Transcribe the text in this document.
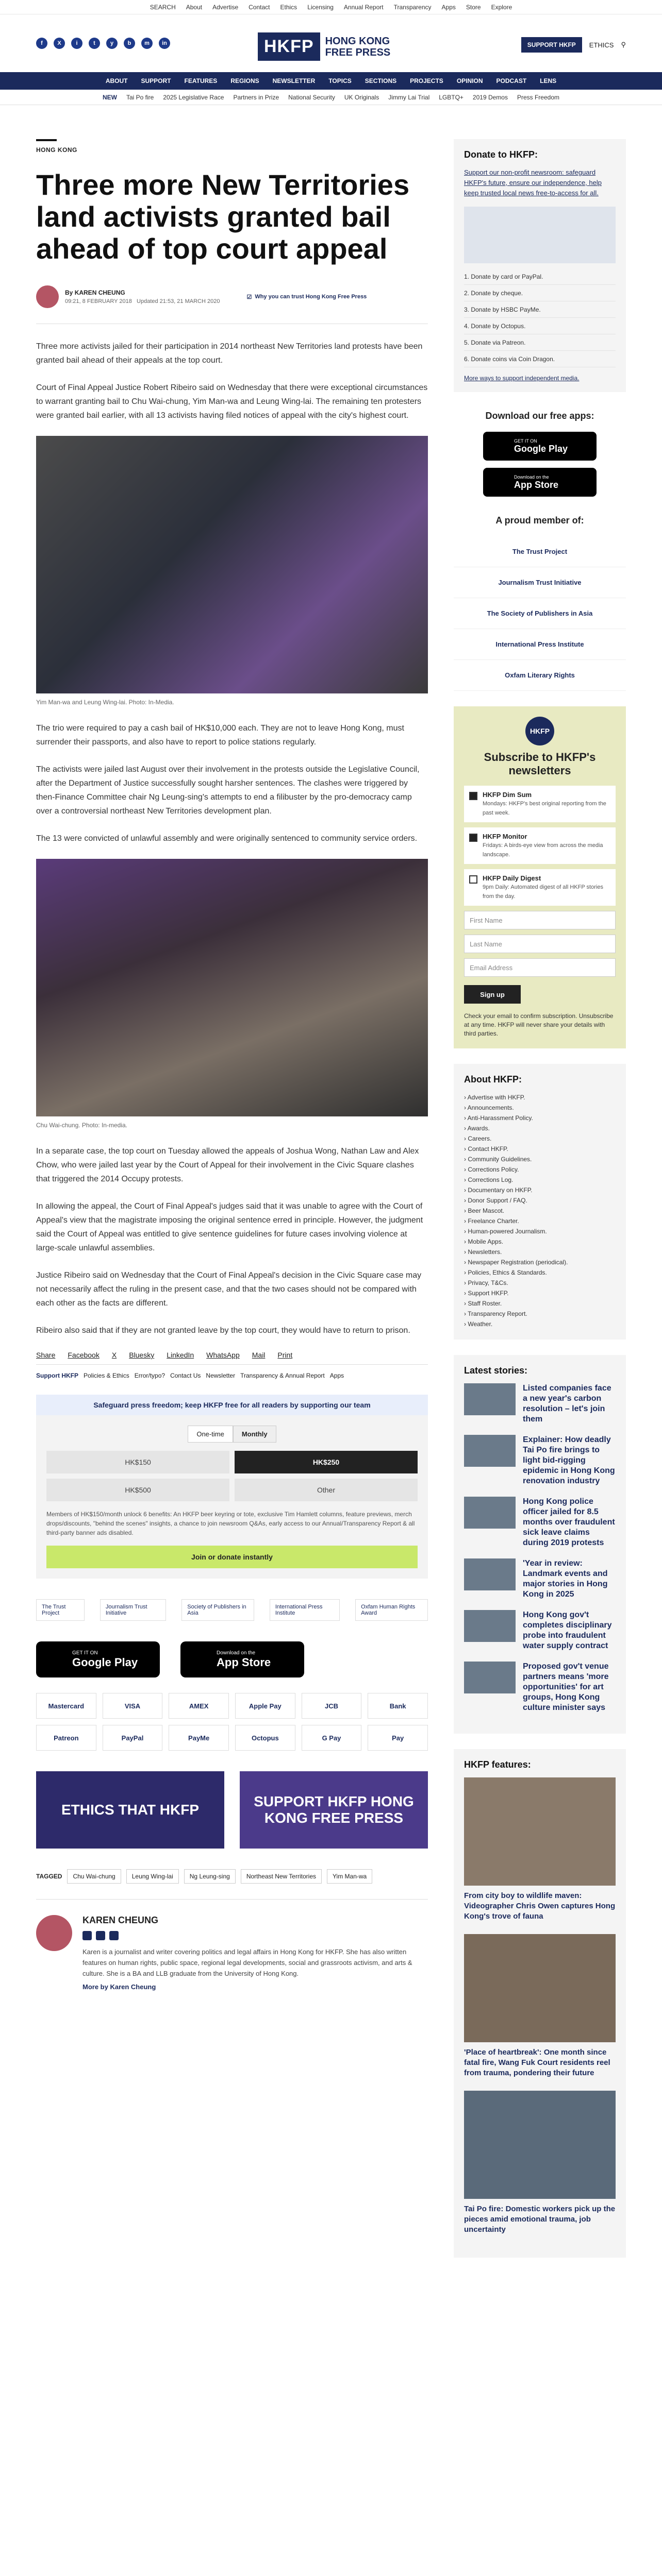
SEARCH About Advertise Contact Ethics Licensing Annual Report Transparency Apps Store Explore
f	X	i	t	y	b	m	in	HKFP	HONG KONG
FREE PRESS
SUPPORT HKFP	ETHICS ⚲
ABOUT SUPPORT FEATURES REGIONS NEWSLETTER TOPICS SECTIONS PROJECTS OPINION PODCAST LENS
NEW Tai Po fire 2025 Legislative Race Partners in Prize National Security UK Originals Jimmy Lai Trial LGBTQ+ 2019 Demos Press Freedom
HONG KONG
Three more New Territories land activists granted bail ahead of top court appeal
By KAREN CHEUNG
09:21, 8 FEBRUARY 2018 Updated 21:53, 21 MARCH 2020
☑ Why you can trust Hong Kong Free Press

Three more activists jailed for their participation in 2014 northeast New Territories land protests have been granted bail ahead of their appeals at the top court.

Court of Final Appeal Justice Robert Ribeiro said on Wednesday that there were exceptional circumstances to warrant granting bail to Chu Wai-chung, Yim Man-wa and Leung Wing-lai. The remaining ten protesters were granted bail earlier, with all 13 activists having filed notices of appeal with the city's highest court.

Yim Man-wa and Leung Wing-lai. Photo: In-Media.

The trio were required to pay a cash bail of HK$10,000 each. They are not to leave Hong Kong, must surrender their passports, and also have to report to police stations regularly.

The activists were jailed last August over their involvement in the protests outside the Legislative Council, after the Department of Justice successfully sought harsher sentences. The clashes were triggered by then-Finance Committee chair Ng Leung-sing's attempts to end a filibuster by the pro-democracy camp over a controversial northeast New Territories development plan.

The 13 were convicted of unlawful assembly and were originally sentenced to community service orders.

Chu Wai-chung. Photo: In-media.

In a separate case, the top court on Tuesday allowed the appeals of Joshua Wong, Nathan Law and Alex Chow, who were jailed last year by the Court of Appeal for their involvement in the Civic Square clashes that triggered the 2014 Occupy protests.

In allowing the appeal, the Court of Final Appeal's judges said that it was unable to agree with the Court of Appeal's view that the magistrate imposing the original sentence erred in principle. However, the judgment said the Court of Appeal was entitled to give sentence guidelines for future cases involving violence at large-scale unlawful assemblies.

Justice Ribeiro said on Wednesday that the Court of Final Appeal's decision in the Civic Square case may not necessarily affect the ruling in the present case, and that the two cases should not be compared with each other as the facts are different.

Ribeiro also said that if they are not granted leave by the top court, they would have to return to prison.

Share Facebook X Bluesky LinkedIn WhatsApp Mail Print
Support HKFP Policies & Ethics Error/typo? Contact Us Newsletter Transparency & Annual Report Apps
Safeguard press freedom; keep HKFP free for all readers by supporting our team
One-time	Monthly
HK$150	HK$250
HK$500	Other
Members of HK$150/month unlock 6 benefits: An HKFP beer keyring or tote, exclusive Tim Hamlett columns, feature previews, merch drops/discounts, "behind the scenes" insights, a chance to join newsroom Q&As, early access to our Annual/Transparency Report & all third-party banner ads disabled.
Join or donate instantly
The Trust Project
Journalism Trust Initiative
Society of Publishers in Asia
International Press Institute
Oxfam Human Rights Award
GET IT ON
Google Play
Download on the
App Store
Mastercard	VISA	AMEX	Apple Pay	JCB	Bank
Patreon	PayPal	PayMe	Octopus	G Pay	Pay
ETHICS THAT HKFP
SUPPORT HKFP HONG KONG FREE PRESS
TAGGED	Chu Wai-chung	Leung Wing-lai	Ng Leung-sing	Northeast New Territories	Yim Man-wa
KAREN CHEUNG

Karen is a journalist and writer covering politics and legal affairs in Hong Kong for HKFP. She has also written features on human rights, public space, regional legal developments, social and grassroots activism, and arts & culture. She is a BA and LLB graduate from the University of Hong Kong.

More by Karen Cheung
Donate to HKFP:
Support our non-profit newsroom: safeguard HKFP's future, ensure our independence, help keep trusted local news free-to-access for all.
1. Donate by card or PayPal.
2. Donate by cheque.
3. Donate by HSBC PayMe.
4. Donate by Octopus.
5. Donate via Patreon.
6. Donate coins via Coin Dragon.
More ways to support independent media.
Download our free apps:
GET IT ON
Google Play
Download on the
App Store
A proud member of:
The Trust Project
Journalism Trust Initiative
The Society of Publishers in Asia
International Press Institute
Oxfam Literary Rights
HKFP
Subscribe to HKFP's newsletters
HKFP Dim Sum
Mondays: HKFP's best original reporting from the past week.
HKFP Monitor
Fridays: A birds-eye view from across the media landscape.
HKFP Daily Digest
9pm Daily: Automated digest of all HKFP stories from the day.
First Name
Last Name
Email Address
Sign up
Check your email to confirm subscription. Unsubscribe at any time. HKFP will never share your details with third parties.
About HKFP:
› Advertise with HKFP.
› Announcements.
› Anti-Harassment Policy.
› Awards.
› Careers.
› Contact HKFP.
› Community Guidelines.
› Corrections Policy.
› Corrections Log.
› Documentary on HKFP.
› Donor Support / FAQ.
› Beer Mascot.
› Freelance Charter.
› Human-powered Journalism.
› Mobile Apps.
› Newsletters.
› Newspaper Registration (periodical).
› Policies, Ethics & Standards.
› Privacy, T&Cs.
› Support HKFP.
› Staff Roster.
› Transparency Report.
› Weather.
Latest stories:
Listed companies face a new year's carbon resolution – let's join them
Explainer: How deadly Tai Po fire brings to light bid-rigging epidemic in Hong Kong renovation industry
Hong Kong police officer jailed for 8.5 months over fraudulent sick leave claims during 2019 protests
'Year in review: Landmark events and major stories in Hong Kong in 2025
Hong Kong gov't completes disciplinary probe into fraudulent water supply contract
Proposed gov't venue partners means 'more opportunities' for art groups, Hong Kong culture minister says
HKFP features:
From city boy to wildlife maven: Videographer Chris Owen captures Hong Kong's trove of fauna
'Place of heartbreak': One month since fatal fire, Wang Fuk Court residents reel from trauma, pondering their future
Tai Po fire: Domestic workers pick up the pieces amid emotional trauma, job uncertainty
